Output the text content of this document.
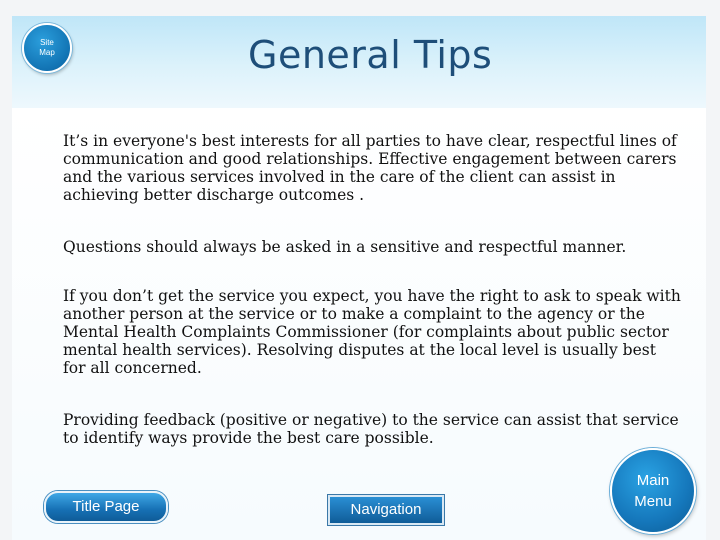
Site Map	General Tips

It’s in everyone's best interests for all parties to have clear, respectful lines of communication and good relationships. Effective engagement between carers and the various services involved in the care of the client can assist in achieving better discharge outcomes .

Questions should always be asked in a sensitive and respectful manner.

If you don’t get the service you expect, you have the right to ask to speak with another person at the service or to make a complaint to the agency or the Mental Health Complaints Commissioner (for complaints about public sector mental health services). Resolving disputes at the local level is usually best for all concerned.

Providing feedback (positive or negative) to the service can assist that service to identify ways provide the best care possible.

Title Page	Navigation
Main Menu
